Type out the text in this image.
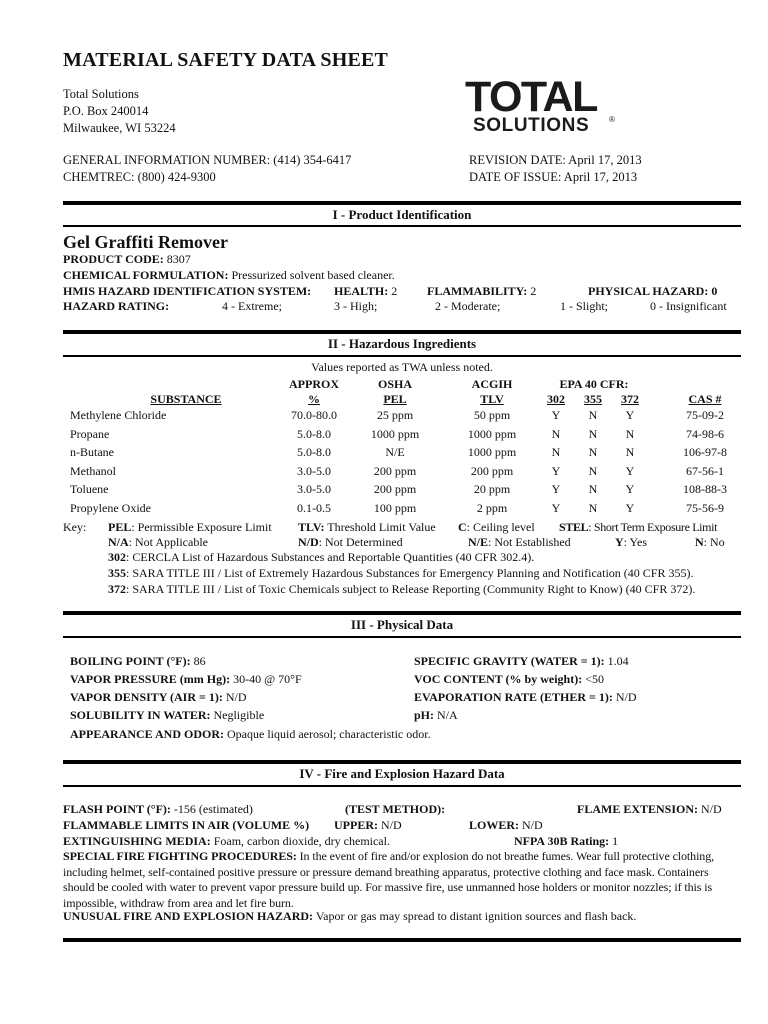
MATERIAL SAFETY DATA SHEET
Total Solutions
P.O. Box 240014
Milwaukee, WI 53224
TOTAL
SOLUTIONS ®
GENERAL INFORMATION NUMBER: (414) 354-6417
CHEMTREC: (800) 424-9300
REVISION DATE: April 17, 2013
DATE OF ISSUE: April 17, 2013
I - Product Identification
Gel Graffiti Remover
PRODUCT CODE: 8307
CHEMICAL FORMULATION: Pressurized solvent based cleaner.
HMIS HAZARD IDENTIFICATION SYSTEM: HEALTH: 2 FLAMMABILITY: 2	PHYSICAL HAZARD: 0
HAZARD RATING:	4 - Extreme;	3 - High;	2 - Moderate;	1 - Slight;	0 - Insignificant
II - Hazardous Ingredients
Values reported as TWA unless noted.
APPROX
%
OSHA
PEL
ACGIH
TLV
EPA 40 CFR:
302	355	372
SUBSTANCE	CAS #
Methylene Chloride	70.0-80.0	25 ppm	50 ppm	Y	N	Y	75-09-2
Propane	5.0-8.0	1000 ppm	1000 ppm	N	N	N	74-98-6
n-Butane	5.0-8.0	N/E	1000 ppm	N	N	N	106-97-8
Methanol	3.0-5.0	200 ppm	200 ppm	Y	N	Y	67-56-1
Toluene	3.0-5.0	200 ppm	20 ppm	Y	N	Y	108-88-3
Propylene Oxide	0.1-0.5	100 ppm	2 ppm	Y	N	Y	75-56-9
Key: PEL: Permissible Exposure Limit TLV: Threshold Limit Value C: Ceiling level STEL: Short Term Exposure Limit
N/A: Not Applicable	N/D: Not Determined	N/E: Not Established	Y: Yes	N: No
302: CERCLA List of Hazardous Substances and Reportable Quantities (40 CFR 302.4).
355: SARA TITLE III / List of Extremely Hazardous Substances for Emergency Planning and Notification (40 CFR 355).
372: SARA TITLE III / List of Toxic Chemicals subject to Release Reporting (Community Right to Know) (40 CFR 372).
III - Physical Data
BOILING POINT (°F): 86
VAPOR PRESSURE (mm Hg): 30-40 @ 70°F
VAPOR DENSITY (AIR = 1): N/D
SOLUBILITY IN WATER: Negligible
APPEARANCE AND ODOR: Opaque liquid aerosol; characteristic odor.
SPECIFIC GRAVITY (WATER = 1): 1.04
VOC CONTENT (% by weight): <50
EVAPORATION RATE (ETHER = 1): N/D
pH: N/A
IV - Fire and Explosion Hazard Data
FLASH POINT (°F): -156 (estimated)	(TEST METHOD):	FLAME EXTENSION: N/D
FLAMMABLE LIMITS IN AIR (VOLUME %) UPPER: N/D	LOWER: N/D
EXTINGUISHING MEDIA: Foam, carbon dioxide, dry chemical.	NFPA 30B Rating: 1
SPECIAL FIRE FIGHTING PROCEDURES: In the event of fire and/or explosion do not breathe fumes. Wear full protective clothing, including helmet, self-contained positive pressure or pressure demand breathing apparatus, protective clothing and face mask. Containers should be cooled with water to prevent vapor pressure build up. For massive fire, use unmanned hose holders or monitor nozzles; if this is impossible, withdraw from area and let fire burn.
UNUSUAL FIRE AND EXPLOSION HAZARD: Vapor or gas may spread to distant ignition sources and flash back.
